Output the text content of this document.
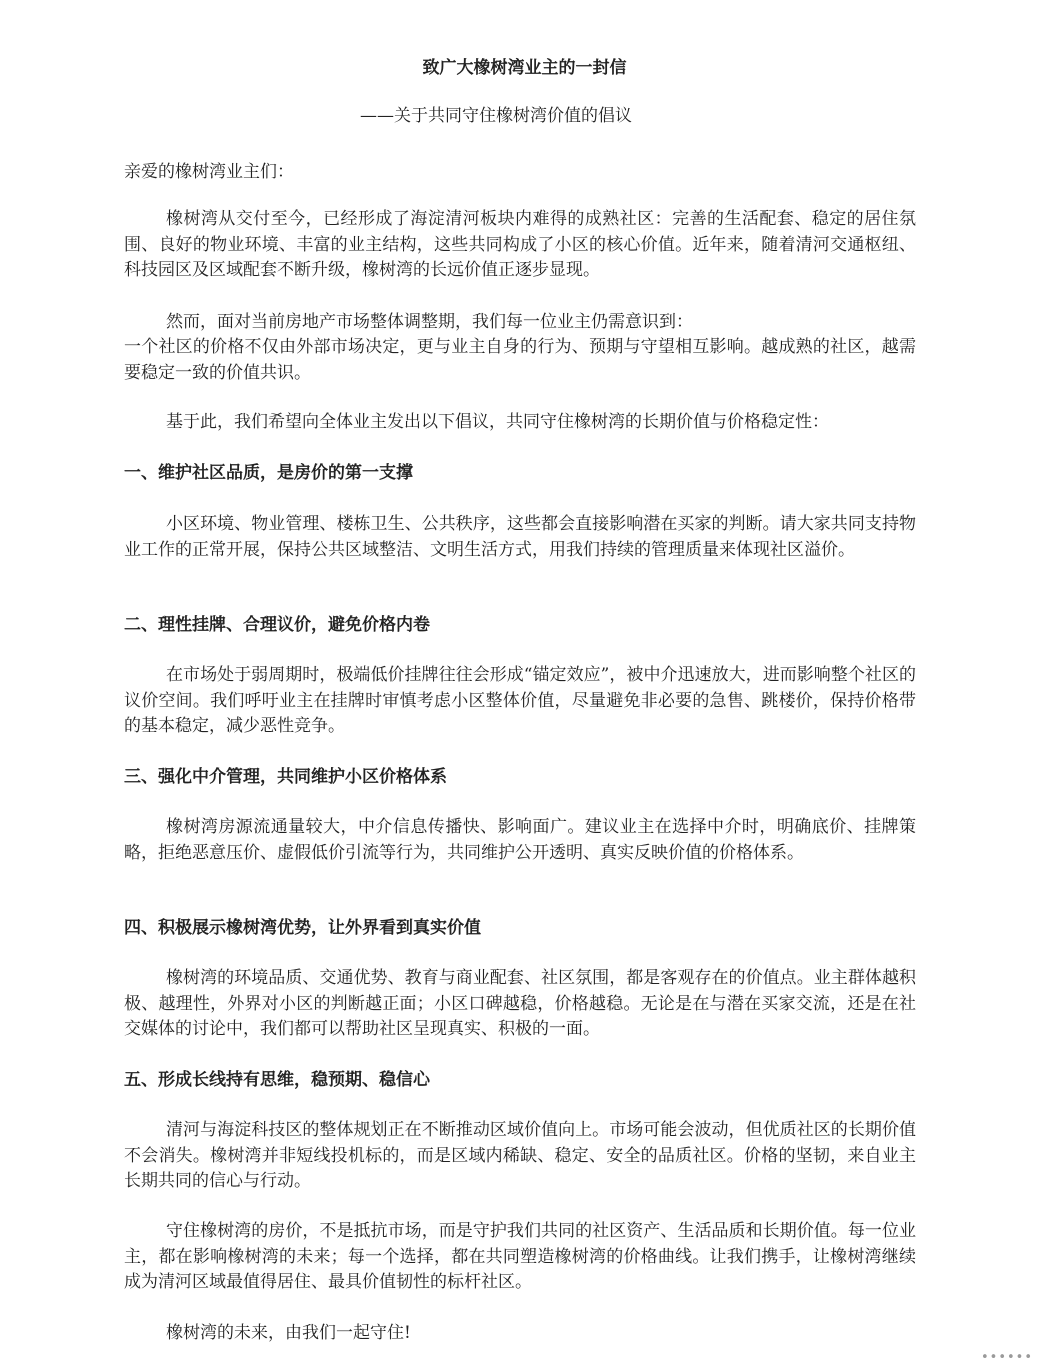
致广大橡树湾业主的一封信
——关于共同守住橡树湾价值的倡议

亲爱的橡树湾业主们：

橡树湾从交付至今，已经形成了海淀清河板块内难得的成熟社区：完善的生活配套、稳定的居住氛围、良好的物业环境、丰富的业主结构，这些共同构成了小区的核心价值。近年来，随着清河交通枢纽、科技园区及区域配套不断升级，橡树湾的长远价值正逐步显现。

然而，面对当前房地产市场整体调整期，我们每一位业主仍需意识到：

一个社区的价格不仅由外部市场决定，更与业主自身的行为、预期与守望相互影响。越成熟的社区，越需要稳定一致的价值共识。

基于此，我们希望向全体业主发出以下倡议，共同守住橡树湾的长期价值与价格稳定性：

一、维护社区品质，是房价的第一支撑

小区环境、物业管理、楼栋卫生、公共秩序，这些都会直接影响潜在买家的判断。请大家共同支持物业工作的正常开展，保持公共区域整洁、文明生活方式，用我们持续的管理质量来体现社区溢价。

二、理性挂牌、合理议价，避免价格内卷

在市场处于弱周期时，极端低价挂牌往往会形成“锚定效应”，被中介迅速放大，进而影响整个社区的议价空间。我们呼吁业主在挂牌时审慎考虑小区整体价值，尽量避免非必要的急售、跳楼价，保持价格带的基本稳定，减少恶性竞争。

三、强化中介管理，共同维护小区价格体系

橡树湾房源流通量较大，中介信息传播快、影响面广。建议业主在选择中介时，明确底价、挂牌策略，拒绝恶意压价、虚假低价引流等行为，共同维护公开透明、真实反映价值的价格体系。

四、积极展示橡树湾优势，让外界看到真实价值

橡树湾的环境品质、交通优势、教育与商业配套、社区氛围，都是客观存在的价值点。业主群体越积极、越理性，外界对小区的判断越正面；小区口碑越稳，价格越稳。无论是在与潜在买家交流，还是在社交媒体的讨论中，我们都可以帮助社区呈现真实、积极的一面。

五、形成长线持有思维，稳预期、稳信心

清河与海淀科技区的整体规划正在不断推动区域价值向上。市场可能会波动，但优质社区的长期价值不会消失。橡树湾并非短线投机标的，而是区域内稀缺、稳定、安全的品质社区。价格的坚韧，来自业主长期共同的信心与行动。

守住橡树湾的房价，不是抵抗市场，而是守护我们共同的社区资产、生活品质和长期价值。每一位业主，都在影响橡树湾的未来；每一个选择，都在共同塑造橡树湾的价格曲线。让我们携手，让橡树湾继续成为清河区域最值得居住、最具价值韧性的标杆社区。

橡树湾的未来，由我们一起守住!

••••••
